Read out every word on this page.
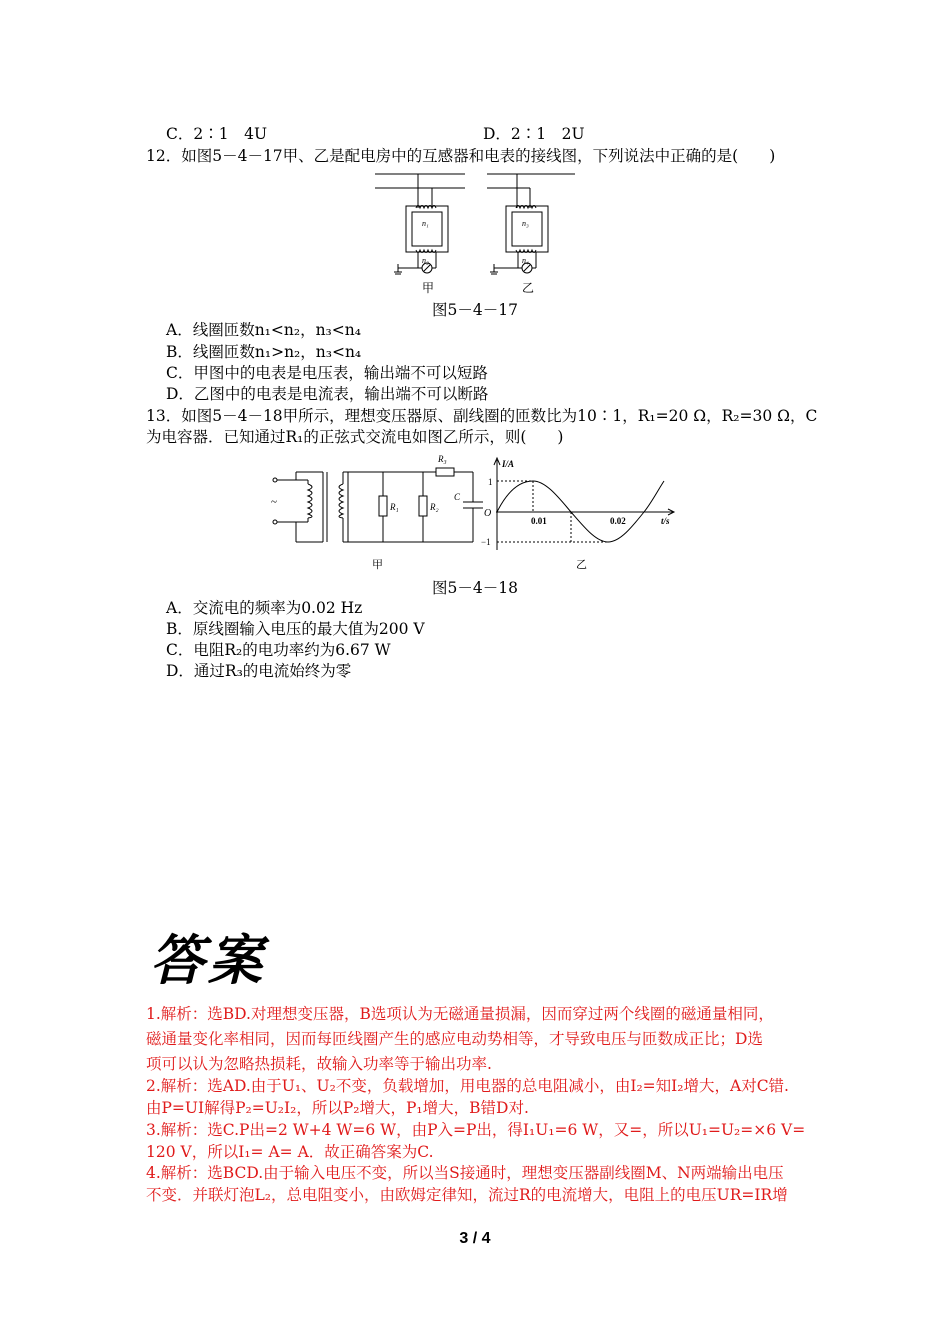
C．2∶1　4U	D．2∶1　2U
12．如图5－4－17甲、乙是配电房中的互感器和电表的接线图，下列说法中正确的是(　　)
n₁
n₂
n₃
n₄
甲	乙
图5－4－17
A．线圈匝数n₁<n₂，n₃<n₄
B．线圈匝数n₁>n₂，n₃<n₄
C．甲图中的电表是电压表，输出端不可以短路
D．乙图中的电表是电流表，输出端不可以断路
13．如图5－4－18甲所示，理想变压器原、副线圈的匝数比为10∶1，R₁=20 Ω，R₂=30 Ω，C
为电容器．已知通过R₁的正弦式交流电如图乙所示，则(　　)
~	R₁	R₂
R₃
C
I/A
t/s
O
1
−1
0.01	0.02
甲	乙
图5－4－18
A．交流电的频率为0.02 Hz
B．原线圈输入电压的最大值为200 V
C．电阻R₂的电功率约为6.67 W
D．通过R₃的电流始终为零
答案
1.解析：选BD.对理想变压器，B选项认为无磁通量损漏，因而穿过两个线圈的磁通量相同，
磁通量变化率相同，因而每匝线圈产生的感应电动势相等，才导致电压与匝数成正比；D选
项可以认为忽略热损耗，故输入功率等于输出功率.
2.解析：选AD.由于U₁、U₂不变，负载增加，用电器的总电阻减小，由I₂=知I₂增大，A对C错.
由P=UI解得P₂=U₂I₂，所以P₂增大，P₁增大，B错D对.
3.解析：选C.P出=2 W+4 W=6 W，由P入=P出，得I₁U₁=6 W，又=，所以U₁=U₂=×6 V=
120 V，所以I₁= A= A．故正确答案为C.
4.解析：选BCD.由于输入电压不变，所以当S接通时，理想变压器副线圈M、N两端输出电压
不变．并联灯泡L₂，总电阻变小，由欧姆定律知，流过R的电流增大，电阻上的电压UR=IR增
3 / 4
